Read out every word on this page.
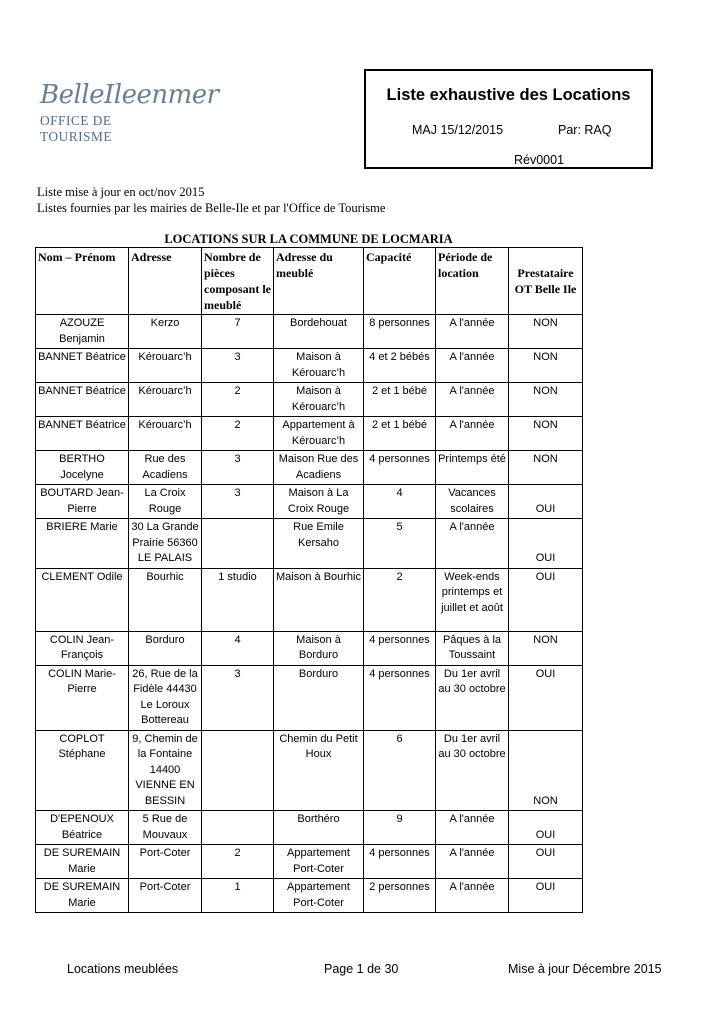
BelleIleenmer
OFFICE DE TOURISME
Liste exhaustive des Locations
MAJ 15/12/2015	Par: RAQ
Rév0001
Liste mise à jour en oct/nov 2015
Listes fournies par les mairies de Belle-Ile et par l'Office de Tourisme
LOCATIONS SUR LA COMMUNE DE LOCMARIA
Nom – Prénom	Adresse	Nombre de pièces composant le meublé	Adresse du meublé	Capacité	Période de location	Prestataire OT Belle Ile
AZOUZE Benjamin	Kerzo	7	Bordehouat	8 personnes	A l'année	NON
BANNET Béatrice	Kérouarc’h	3	Maison à Kérouarc’h	4 et 2 bébés	A l'année	NON
BANNET Béatrice	Kérouarc’h	2	Maison à Kérouarc’h	2 et 1 bébé	A l'année	NON
BANNET Béatrice	Kérouarc’h	2	Appartement à Kérouarc’h	2 et 1 bébé	A l'année	NON
BERTHO Jocelyne	Rue des Acadiens	3	Maison Rue des Acadiens	4 personnes	Printemps été	NON
BOUTARD Jean-Pierre	La Croix Rouge	3	Maison à La Croix Rouge	4	Vacances scolaires	OUI
BRIERE Marie	30 La Grande Prairie 56360 LE PALAIS		Rue Emile Kersaho	5	A l'année	OUI
CLEMENT Odile	Bourhic	1 studio	Maison à Bourhic	2	Week-ends printemps et juillet et août	OUI
COLIN Jean-François	Borduro	4	Maison à Borduro	4 personnes	Pâques à la Toussaint	NON
COLIN Marie-Pierre	26, Rue de la Fidèle 44430 Le Loroux Bottereau	3	Borduro	4 personnes	Du 1er avril au 30 octobre	OUI
COPLOT Stéphane	9, Chemin de la Fontaine 14400 VIENNE EN BESSIN		Chemin du Petit Houx	6	Du 1er avril au 30 octobre	NON
D'EPENOUX Béatrice	5 Rue de Mouvaux		Borthéro	9	A l'année	OUI
DE SUREMAIN Marie	Port-Coter	2	Appartement Port-Coter	4 personnes	A l'année	OUI
DE SUREMAIN Marie	Port-Coter	1	Appartement Port-Coter	2 personnes	A l'année	OUI
Locations meublées	Page 1 de 30	Mise à jour Décembre 2015
